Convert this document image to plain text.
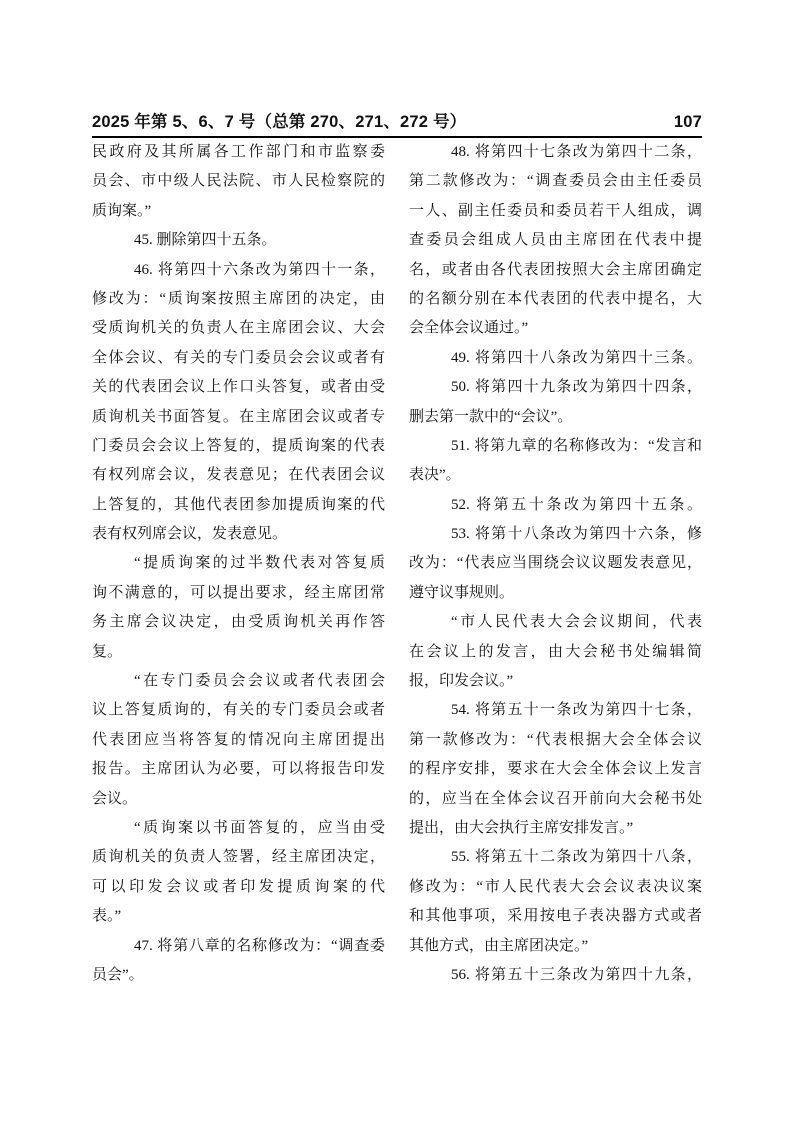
2025 年第 5、6、7 号（总第 270、271、272 号）	107
民政府及其所属各工作部门和市监察委
员会、市中级人民法院、市人民检察院的
质询案。”
45. 删除第四十五条。
46. 将第四十六条改为第四十一条，
修改为：“质询案按照主席团的决定，由
受质询机关的负责人在主席团会议、大会
全体会议、有关的专门委员会会议或者有
关的代表团会议上作口头答复，或者由受
质询机关书面答复。在主席团会议或者专
门委员会会议上答复的，提质询案的代表
有权列席会议，发表意见；在代表团会议
上答复的，其他代表团参加提质询案的代
表有权列席会议，发表意见。
“提质询案的过半数代表对答复质
询不满意的，可以提出要求，经主席团常
务主席会议决定，由受质询机关再作答
复。
“在专门委员会会议或者代表团会
议上答复质询的，有关的专门委员会或者
代表团应当将答复的情况向主席团提出
报告。主席团认为必要，可以将报告印发
会议。
“质询案以书面答复的，应当由受
质询机关的负责人签署，经主席团决定，
可以印发会议或者印发提质询案的代
表。”
47. 将第八章的名称修改为：“调查委
员会”。
48. 将第四十七条改为第四十二条，
第二款修改为：“调查委员会由主任委员
一人、副主任委员和委员若干人组成，调
查委员会组成人员由主席团在代表中提
名，或者由各代表团按照大会主席团确定
的名额分别在本代表团的代表中提名，大
会全体会议通过。”
49. 将第四十八条改为第四十三条。
50. 将第四十九条改为第四十四条，
删去第一款中的“会议”。
51. 将第九章的名称修改为：“发言和
表决”。
52. 将第五十条改为第四十五条。
53. 将第十八条改为第四十六条，修
改为：“代表应当围绕会议议题发表意见，
遵守议事规则。
“市人民代表大会会议期间，代表
在会议上的发言，由大会秘书处编辑简
报，印发会议。”
54. 将第五十一条改为第四十七条，
第一款修改为：“代表根据大会全体会议
的程序安排，要求在大会全体会议上发言
的，应当在全体会议召开前向大会秘书处
提出，由大会执行主席安排发言。”
55. 将第五十二条改为第四十八条，
修改为：“市人民代表大会会议表决议案
和其他事项，采用按电子表决器方式或者
其他方式，由主席团决定。”
56. 将第五十三条改为第四十九条，
